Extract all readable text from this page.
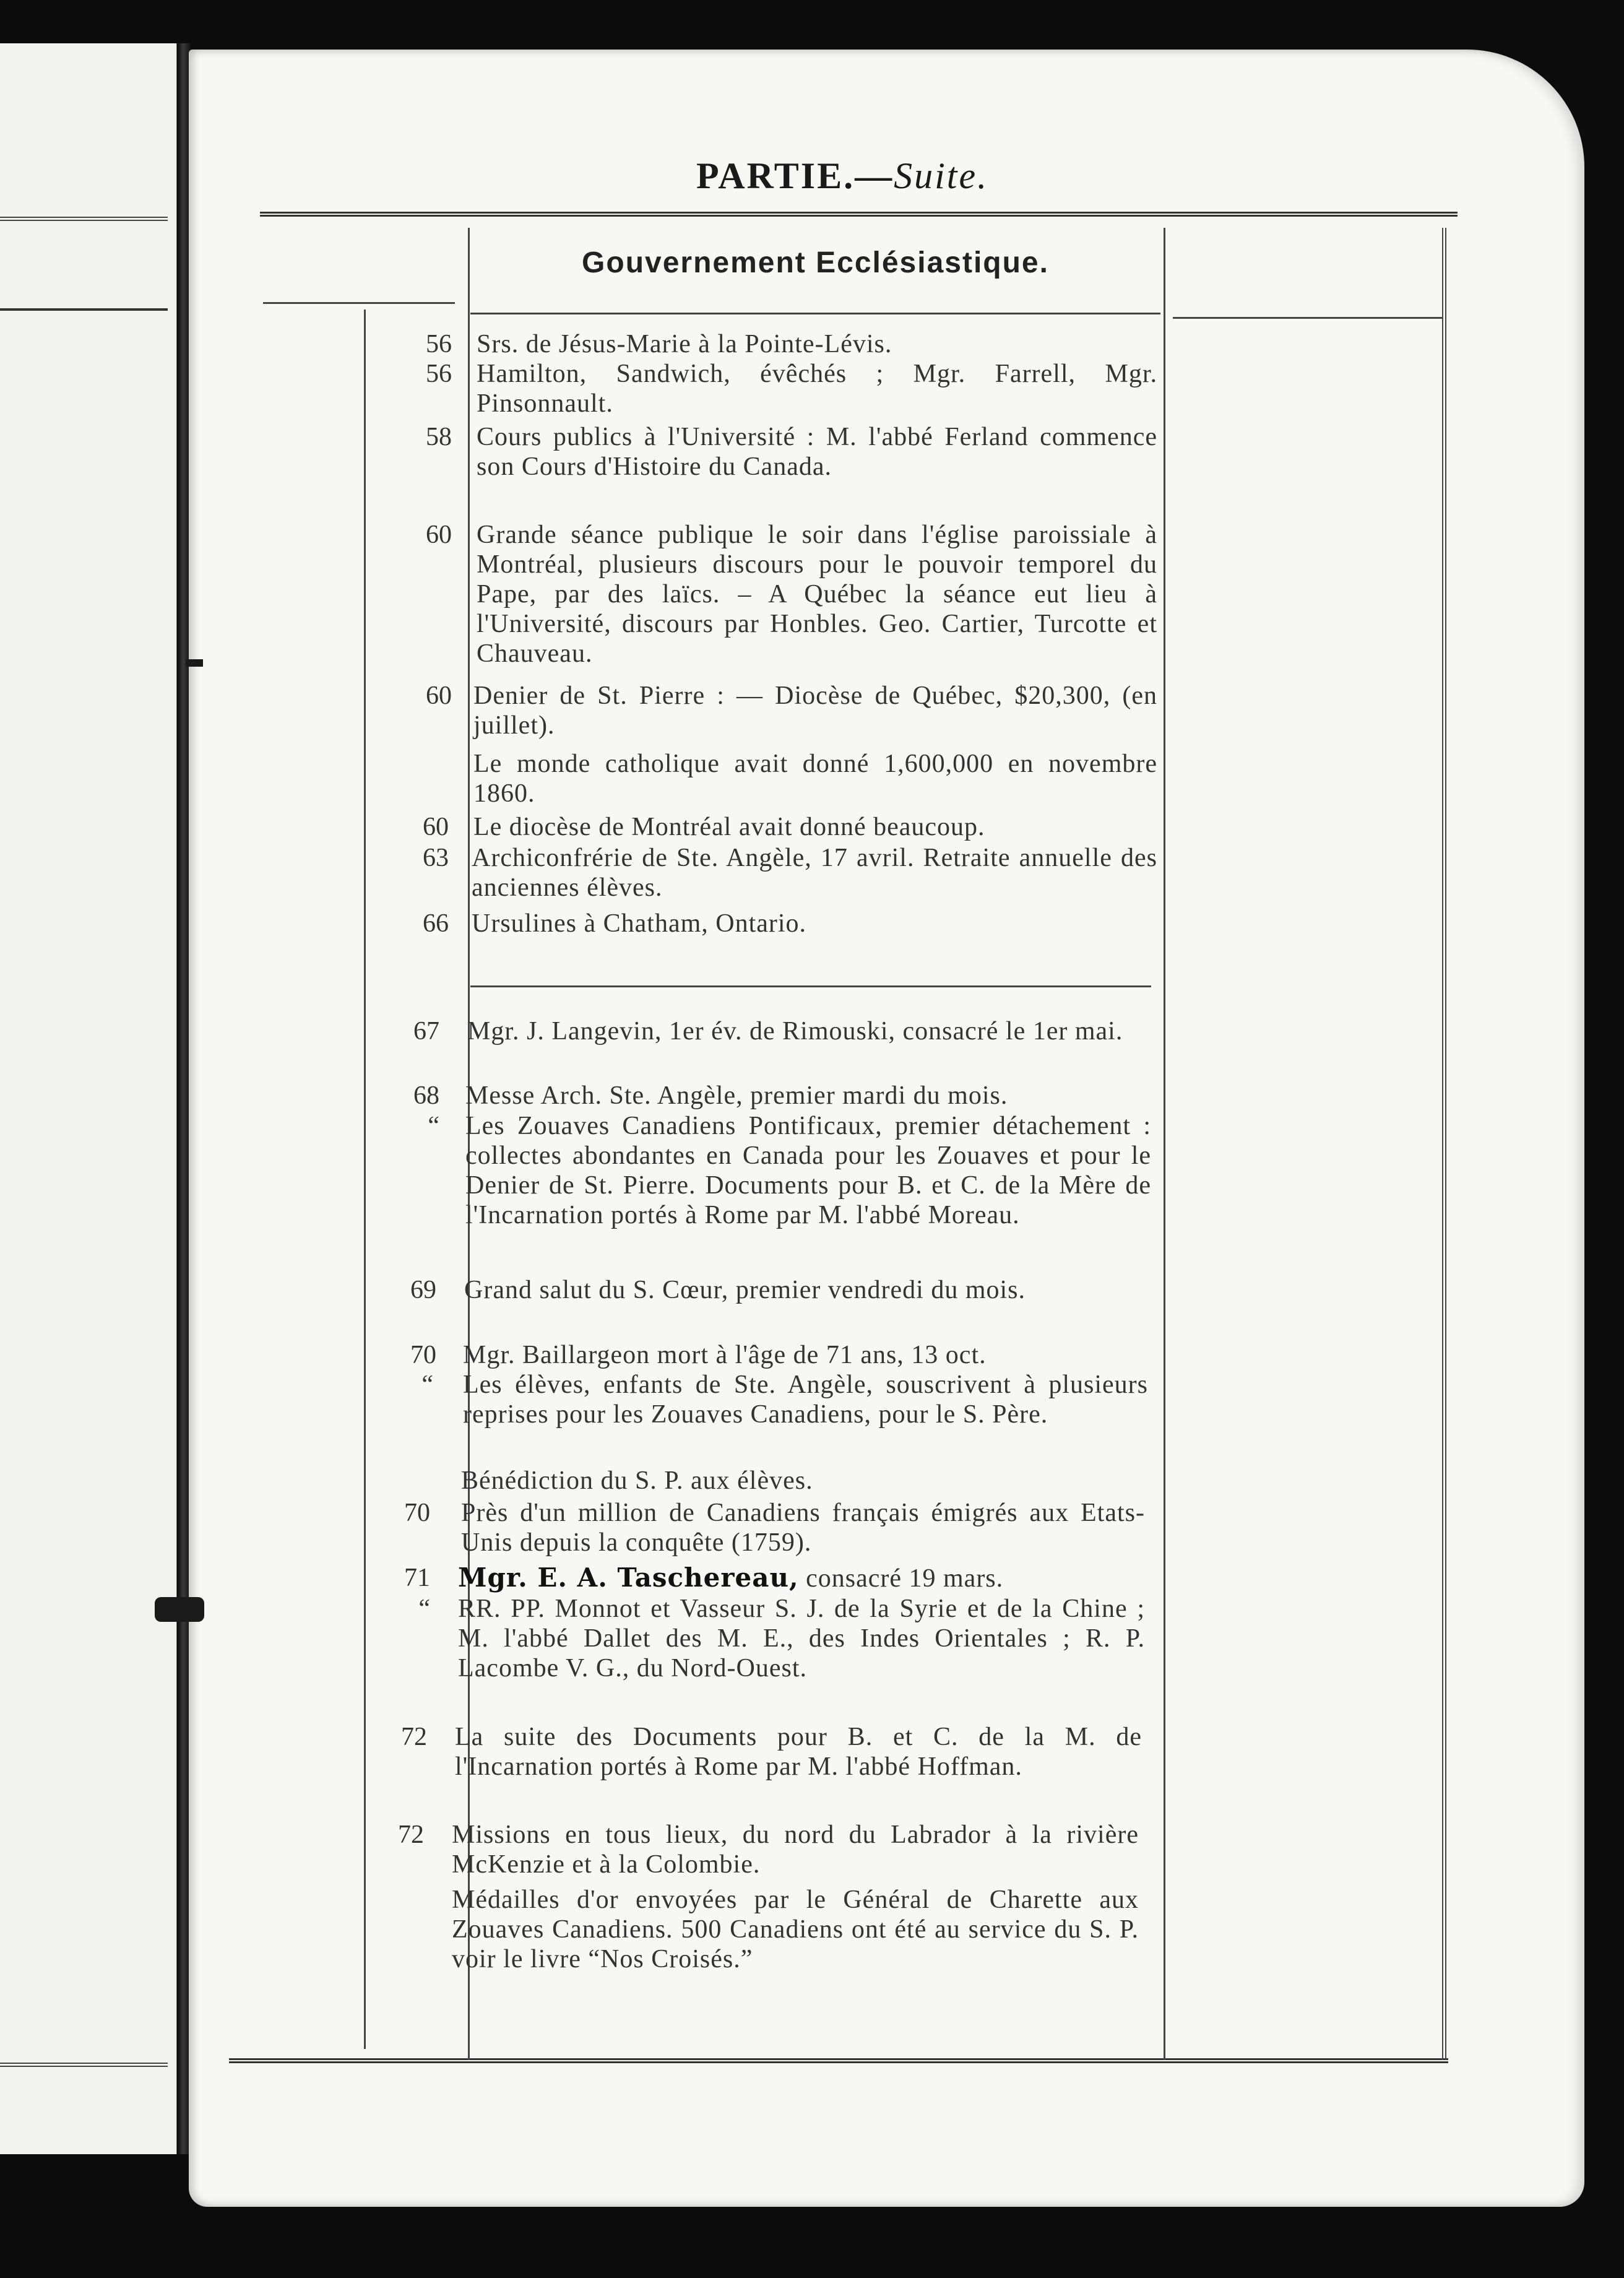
PARTIE.—Suite.
Gouvernement Ecclésiastique.
56 Srs. de Jésus-Marie à la Pointe-Lévis.
56 Hamilton, Sandwich, évêchés ; Mgr. Farrell, Mgr. Pinsonnault.
58 Cours publics à l'Université : M. l'abbé Ferland commence son Cours d'Histoire du Canada.
60 Grande séance publique le soir dans l'église paroissiale à Montréal, plusieurs discours pour le pouvoir temporel du Pape, par des laïcs. – A Québec la séance eut lieu à l'Université, discours par Honbles. Geo. Cartier, Turcotte et Chauveau.
60 Denier de St. Pierre : — Diocèse de Québec, $20,300, (en juillet).
Le monde catholique avait donné 1,600,000 en novembre 1860.
60 Le diocèse de Montréal avait donné beaucoup.
63 Archiconfrérie de Ste. Angèle, 17 avril. Retraite annuelle des anciennes élèves.
66 Ursulines à Chatham, Ontario.
67 Mgr. J. Langevin, 1er év. de Rimouski, consacré le 1er mai.
68 Messe Arch. Ste. Angèle, premier mardi du mois.
“ Les Zouaves Canadiens Pontificaux, premier détachement : collectes abondantes en Canada pour les Zouaves et pour le Denier de St. Pierre. Documents pour B. et C. de la Mère de l'Incarnation portés à Rome par M. l'abbé Moreau.
69 Grand salut du S. Cœur, premier vendredi du mois.
70 Mgr. Baillargeon mort à l'âge de 71 ans, 13 oct.
“ Les élèves, enfants de Ste. Angèle, souscrivent à plusieurs reprises pour les Zouaves Canadiens, pour le S. Père.
Bénédiction du S. P. aux élèves.
70 Près d'un million de Canadiens français émigrés aux Etats-Unis depuis la conquête (1759).
71 Mgr. E. A. Taschereau, consacré 19 mars.
“ RR. PP. Monnot et Vasseur S. J. de la Syrie et de la Chine ; M. l'abbé Dallet des M. E., des Indes Orientales ; R. P. Lacombe V. G., du Nord-Ouest.
72 La suite des Documents pour B. et C. de la M. de l'Incarnation portés à Rome par M. l'abbé Hoffman.
72 Missions en tous lieux, du nord du Labrador à la rivière McKenzie et à la Colombie.
Médailles d'or envoyées par le Général de Charette aux Zouaves Canadiens. 500 Canadiens ont été au service du S. P. voir le livre “Nos Croisés.”
